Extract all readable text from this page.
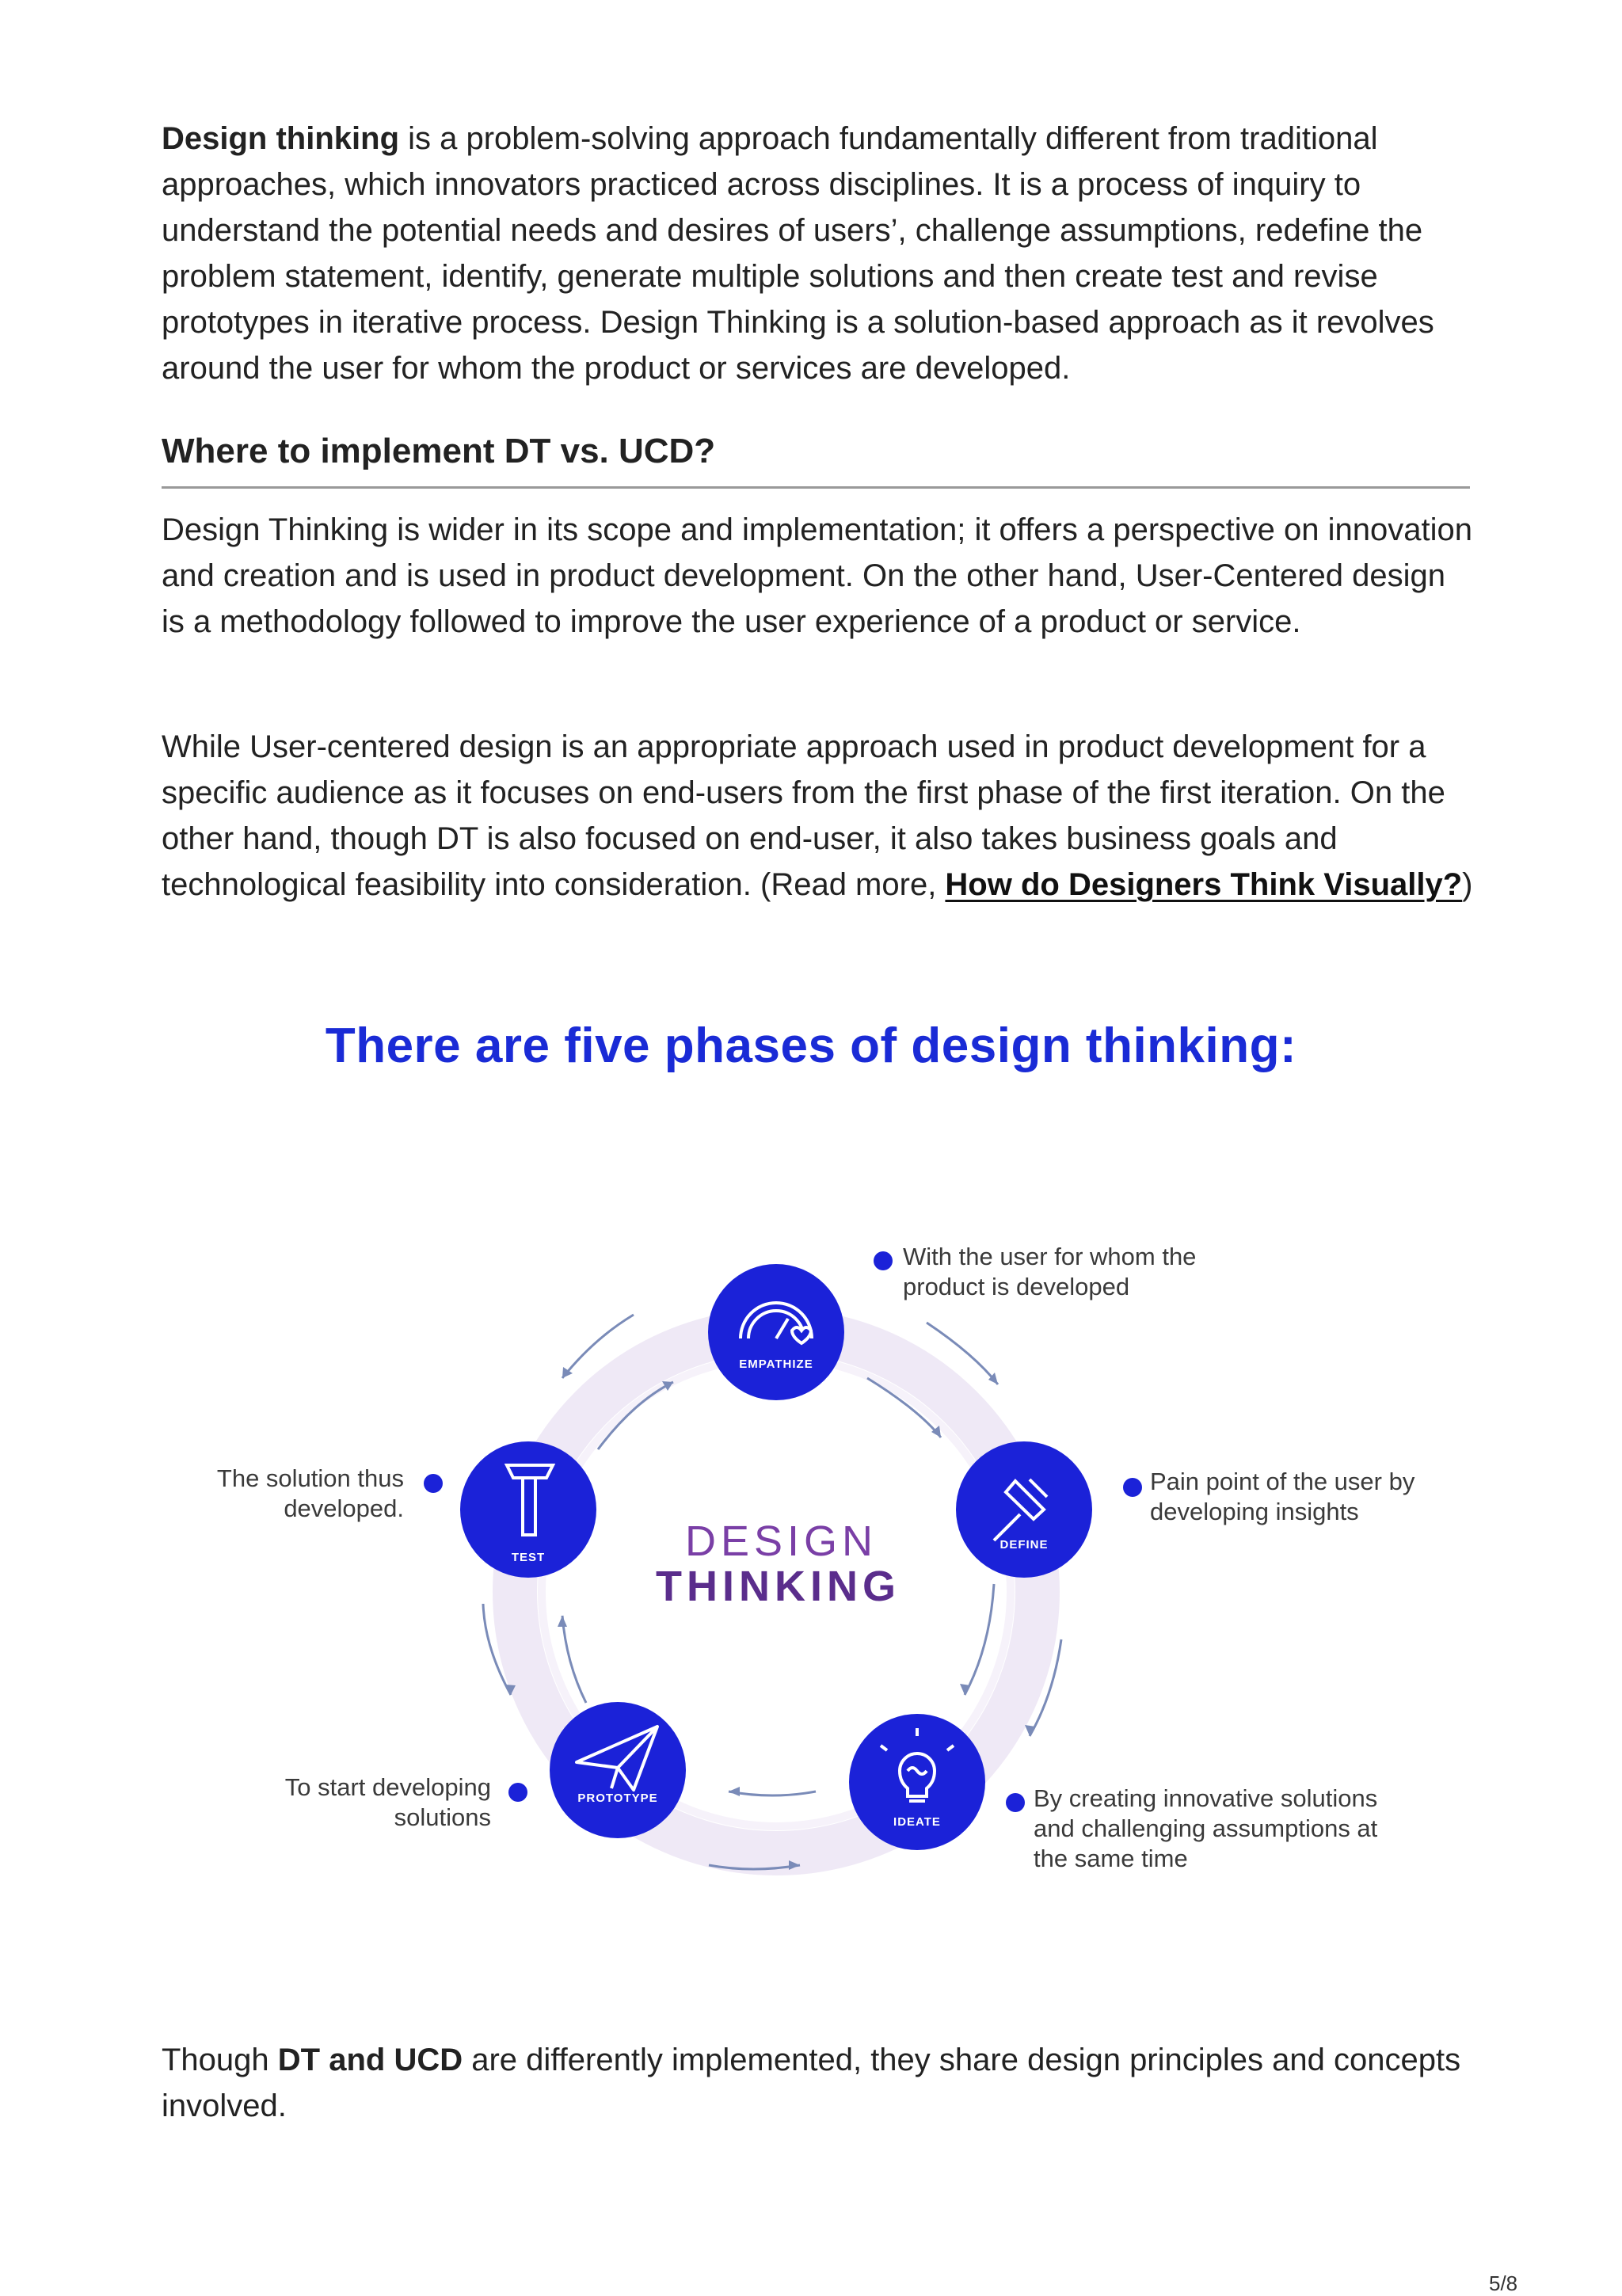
Design thinking is a problem-solving approach fundamentally different from traditional approaches, which innovators practiced across disciplines. It is a process of inquiry to understand the potential needs and desires of users’, challenge assumptions, redefine the problem statement, identify, generate multiple solutions and then create test and revise prototypes in iterative process. Design Thinking is a solution-based approach as it revolves around the user for whom the product or services are developed.

Where to implement DT vs. UCD?

Design Thinking is wider in its scope and implementation; it offers a perspective on innovation and creation and is used in product development. On the other hand, User-Centered design is a methodology followed to improve the user experience of a product or service.

While User-centered design is an appropriate approach used in product development for a specific audience as it focuses on end-users from the first phase of the first iteration. On the other hand, though DT is also focused on end-user, it also takes business goals and technological feasibility into consideration. (Read more, How do Designers Think Visually?)

Though DT and UCD are differently implemented, they share design principles and concepts involved.

There are five phases of design thinking:
EMPATHIZE
DEFINE
IDEATE
PROTOTYPE
TEST	DESIGN
THINKING
With the user for whom the
product is developed
Pain point of the user by
developing insights
By creating innovative solutions
and challenging assumptions at
the same time
To start developing
solutions
The solution thus
developed.
5/8
